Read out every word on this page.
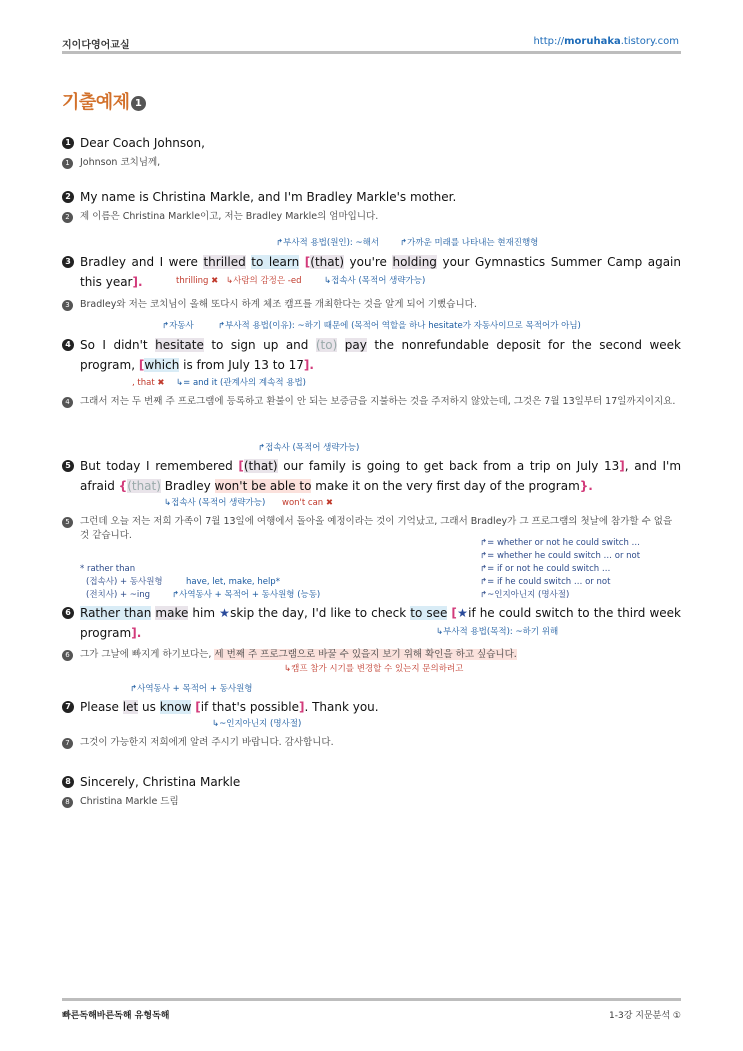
지이다영어교실	http://moruhaka.tistory.com
기출예제 1
1 Dear Coach Johnson,
1	Johnson 코치님께,
2 My name is Christina Markle, and I'm Bradley Markle's mother.
2	제 이름은 Christina Markle이고, 저는 Bradley Markle의 엄마입니다.
↱부사적 용법(원인): ~해서 ↱가까운 미래를 나타내는 현재진행형
3 Bradley and I were thrilled to learn [(that) you're holding your Gymnastics Summer Camp again this year].
3	Bradley와 저는 코치님이 올해 또다시 하계 체조 캠프를 개최한다는 것을 알게 되어 기뻤습니다.
thrilling ✖ ↳사람의 감정은 -ed	↳접속사 (목적어 생략가능)
↱자동사	↱부사적 용법(이유): ~하기 때문에 (목적어 역할을 하나 hesitate가 자동사이므로 목적어가 아님)
4 So I didn't hesitate to sign up and (to) pay the nonrefundable deposit for the second week program, [which is from July 13 to 17].
4	그래서 저는 두 번째 주 프로그램에 등록하고 환불이 안 되는 보증금을 지불하는 것을 주저하지 않았는데, 그것은 7월 13일부터 17일까지이지요.
, that ✖ ↳= and it (관계사의 계속적 용법)
↱접속사 (목적어 생략가능)
5 But today I remembered [(that) our family is going to get back from a trip on July 13], and I'm afraid {(that) Bradley won't be able to make it on the very first day of the program}.
5	그런데 오늘 저는 저희 가족이 7월 13일에 여행에서 돌아올 예정이라는 것이 기억났고, 그래서 Bradley가 그 프로그램의 첫날에 참가할 수 없을 것 같습니다.
↳접속사 (목적어 생략가능) won't can ✖
↱= whether or not he could switch …
↱= whether he could switch … or not
↱= if or not he could switch …
↱= if he could switch … or not
↱~인지아닌지 (명사절)
* rather than
(접속사) + 동사원형
(전치사) + ~ing
have, let, make, help*
↱사역동사 + 목적어 + 동사원형 (능동)
6 Rather than make him ★skip the day, I'd like to check to see [★if he could switch to the third week program].
6	그가 그날에 빠지게 하기보다는, 세 번째 주 프로그램으로 바꿀 수 있을지 보기 위해 확인을 하고 싶습니다.
↳부사적 용법(목적): ~하기 위해
↳캠프 참가 시기를 변경할 수 있는지 문의하려고
↱사역동사 + 목적어 + 동사원형
7 Please let us know [if that's possible]. Thank you.
7	그것이 가능한지 저희에게 알려 주시기 바랍니다. 감사합니다.
↳~인지아닌지 (명사절)
8 Sincerely, Christina Markle
8	Christina Markle 드림
빠른독해바른독해 유형독해	1-3강 지문분석 ①
